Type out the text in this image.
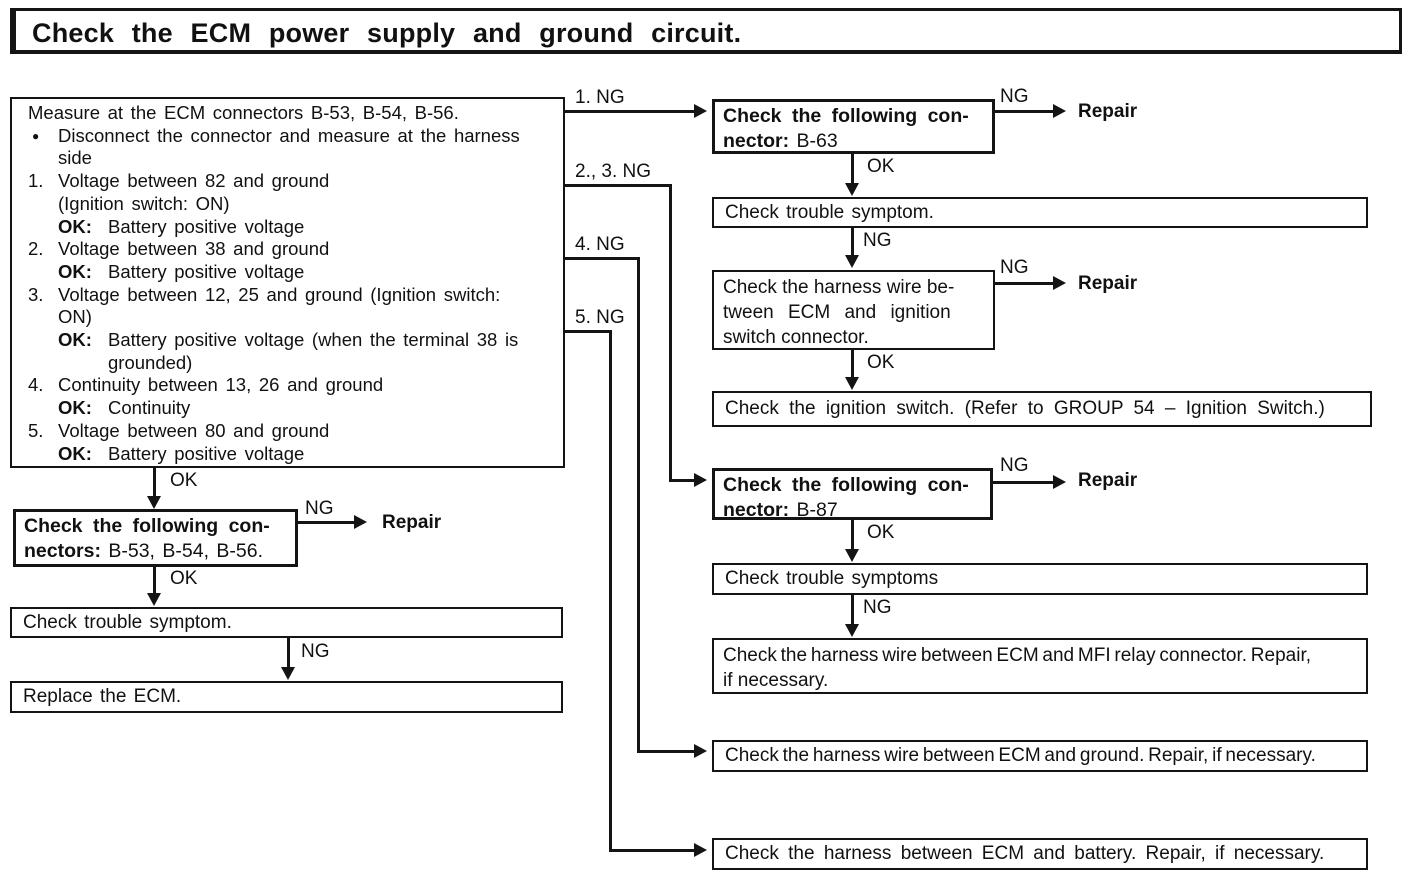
Check the ECM power supply and ground circuit.
Measure at the ECM connectors B-53, B-54, B-56.
● Disconnect the connector and measure at the harness
side
1. Voltage between 82 and ground
(Ignition switch: ON)
OK: Battery positive voltage
2. Voltage between 38 and ground
OK: Battery positive voltage
3. Voltage between 12, 25 and ground (Ignition switch:
ON)
OK: Battery positive voltage (when the terminal 38 is
grounded)
4. Continuity between 13, 26 and ground
OK: Continuity
5. Voltage between 80 and ground
OK: Battery positive voltage
OK
Check the following con-
nectors: B-53, B-54, B-56.
NG
Repair
OK
Check trouble symptom.
NG
Replace the ECM.
1. NG
2., 3. NG
4. NG
5. NG
Check the following con-
nector: B-63
NG
Repair
OK
Check trouble symptom.
NG
Check the harness wire be-
tween ECM and ignition
switch connector.
NG
Repair
OK
Check the ignition switch. (Refer to GROUP 54 – Ignition Switch.)
Check the following con-
nector: B-87
NG
Repair
OK
Check trouble symptoms
NG
Check the harness wire between ECM and MFI relay connector. Repair,
if necessary.
Check the harness wire between ECM and ground. Repair, if necessary.
Check the harness between ECM and battery. Repair, if necessary.
